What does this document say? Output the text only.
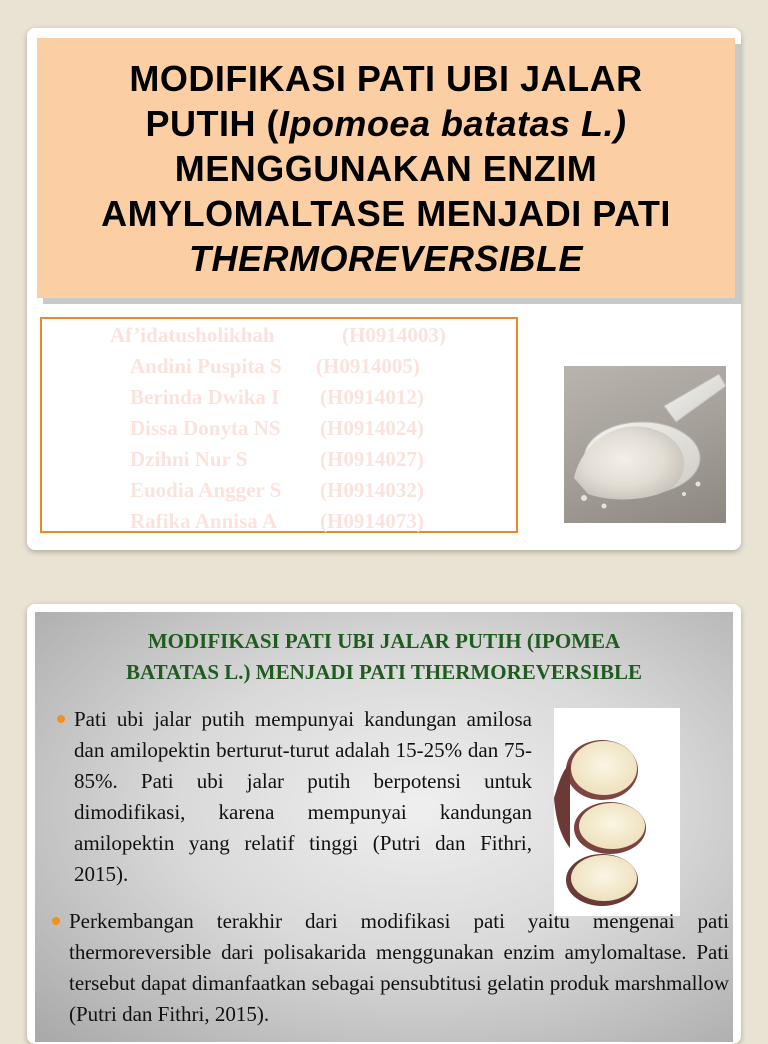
MODIFIKASI PATI UBI JALAR
PUTIH (Ipomoea batatas L.)
MENGGUNAKAN ENZIM
AMYLOMALTASE MENJADI PATI
THERMOREVERSIBLE
Af’idatusholikhah	(H0914003)
Andini Puspita S (H0914005)
Berinda Dwika I (H0914012)
Dissa Donyta NS (H0914024)
Dzihni Nur S	(H0914027)
Euodia Angger S (H0914032)
Rafika Annisa A (H0914073)
MODIFIKASI PATI UBI JALAR PUTIH (IPOMEA
BATATAS L.) MENJADI PATI THERMOREVERSIBLE
Pati ubi jalar putih mempunyai kandungan amilosa dan amilopektin berturut-turut adalah 15-25% dan 75-85%. Pati ubi jalar putih berpotensi untuk dimodifikasi, karena mempunyai kandungan amilopektin yang relatif tinggi (Putri dan Fithri, 2015).
Perkembangan terakhir dari modifikasi pati yaitu mengenai pati thermoreversible dari polisakarida menggunakan enzim amylomaltase. Pati tersebut dapat dimanfaatkan sebagai pensubtitusi gelatin produk marshmallow (Putri dan Fithri, 2015).
